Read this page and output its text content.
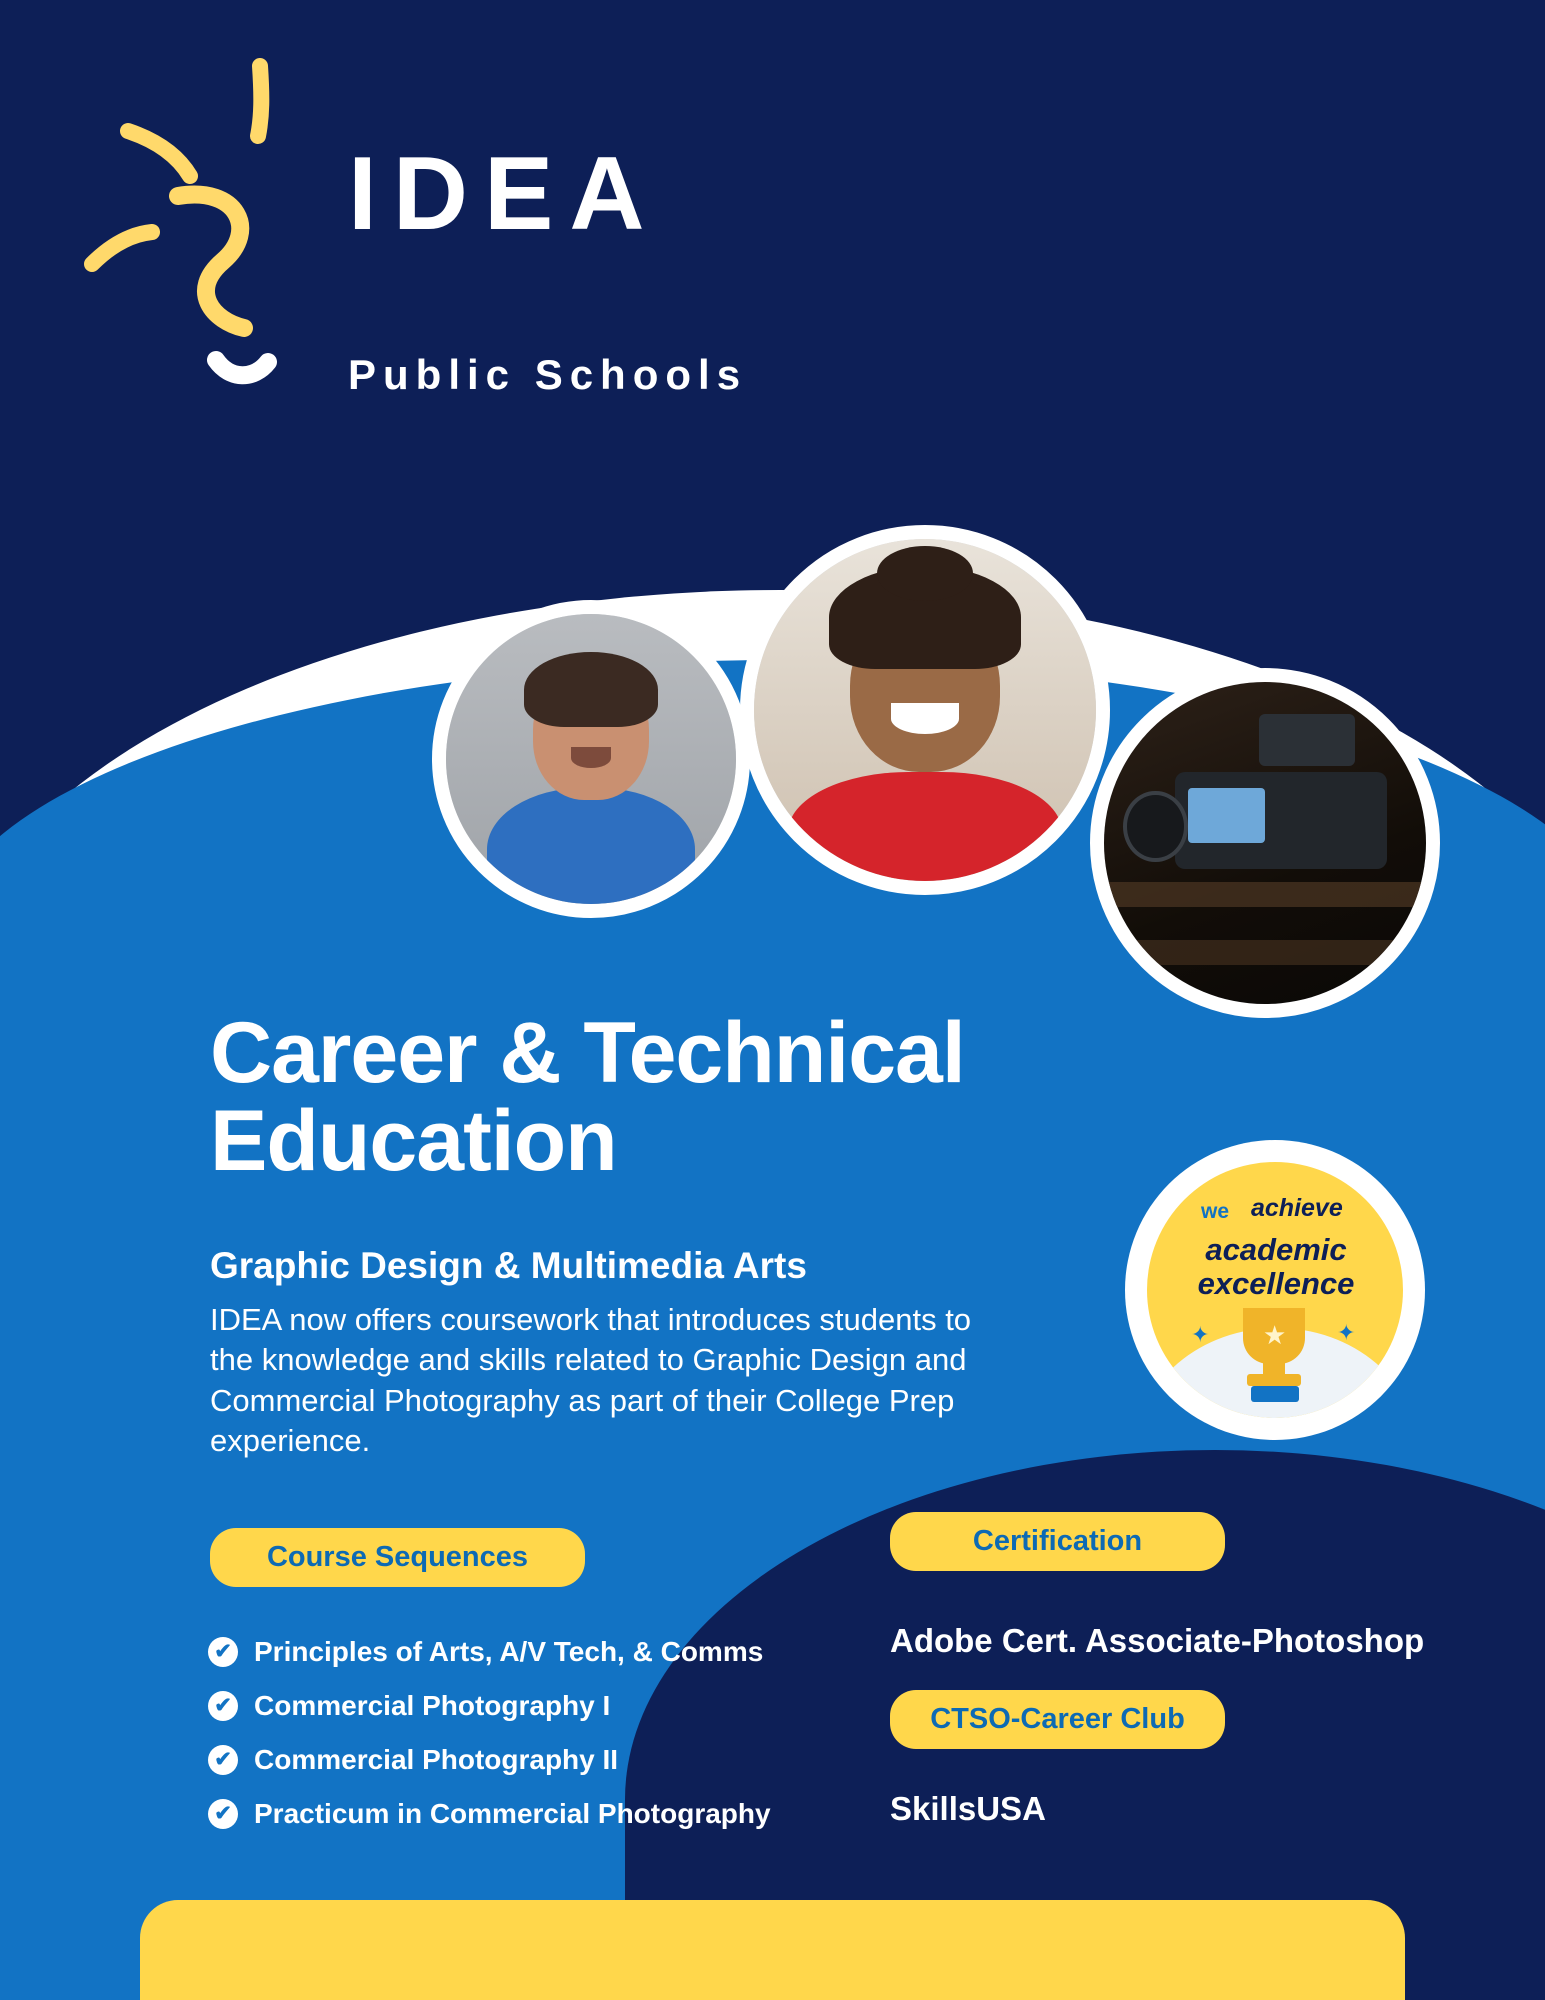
IDEA
Public Schools
Career & Technical Education
Graphic Design & Multimedia Arts
IDEA now offers coursework that introduces students to the knowledge and skills related to Graphic Design and Commercial Photography as part of their College Prep experience.
we achieve
academic
excellence
✦	✦
★
Course Sequences	Certification
CTSO-Career Club
✔ Principles of Arts, A/V Tech, & Comms
✔ Commercial Photography I
✔ Commercial Photography II
✔ Practicum in Commercial Photography
Adobe Cert. Associate-Photoshop
SkillsUSA
